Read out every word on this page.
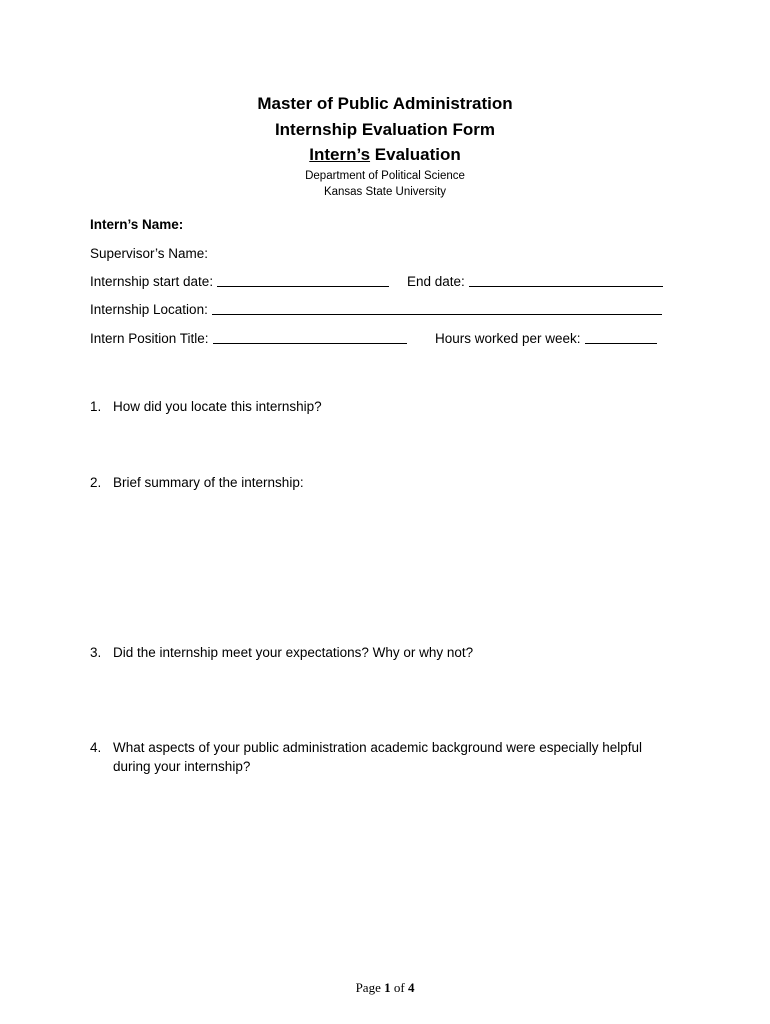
Master of Public Administration
Internship Evaluation Form
Intern’s Evaluation
Department of Political Science
Kansas State University
Intern’s Name:
Supervisor’s Name:
Internship start date:	End date:
Internship Location:
Intern Position Title:	Hours worked per week:
1. How did you locate this internship?
2. Brief summary of the internship:
3. Did the internship meet your expectations? Why or why not?
4. What aspects of your public administration academic background were especially helpful during your internship?
Page 1 of 4
